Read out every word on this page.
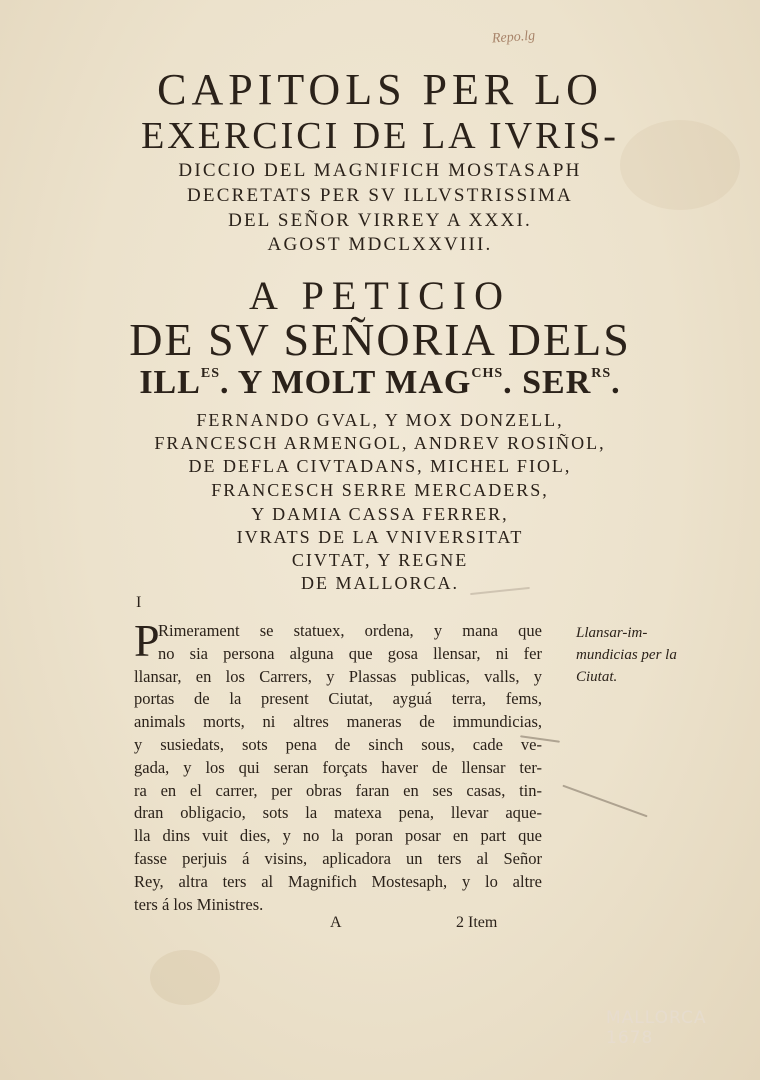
Repo.lg
CAPITOLS PER LO
EXERCICI DE LA IVRIS-
DICCIO DEL MAGNIFICH MOSTASAPH
DECRETATS PER SV ILLVSTRISSIMA
DEL SEÑOR VIRREY A XXXI.
AGOST MDCLXXVIII.
A PETICIO
DE SV SEÑORIA DELS
$ILL^{ES}$. Y MOLT $MAG^{CHS}$. $SER^{RS}$.
FERNANDO GVAL, Y MOX DONZELL,
FRANCESCH ARMENGOL, ANDREV ROSIÑOL,
DE DEFLA CIVTADANS, MICHEL FIOL,
FRANCESCH SERRE MERCADERS,
Y DAMIA CASSA FERRER,
IVRATS DE LA VNIVERSITAT
CIVTAT, Y REGNE
DE MALLORCA.
I
P
Rimerament se statuex, ordena, y mana que
no sia persona alguna que gosa llensar, ni fer
llansar, en los Carrers, y Plassas publicas, valls, y
portas de la present Ciutat, ayguá terra, fems,
animals morts, ni altres maneras de immundicias,
y susiedats, sots pena de sinch sous, cade ve-
gada, y los qui seran forçats haver de llensar ter-
ra en el carrer, per obras faran en ses casas, tin-
dran obligacio, sots la matexa pena, llevar aque-
lla dins vuit dies, y no la poran posar en part que
fasse perjuis á visins, aplicadora un ters al Señor
Rey, altra ters al Magnifich Mostesaph, y lo altre
ters á los Ministres.
Llansar-im-
mundicias per la
Ciutat.
A	2 Item
MALLORCA 1678
